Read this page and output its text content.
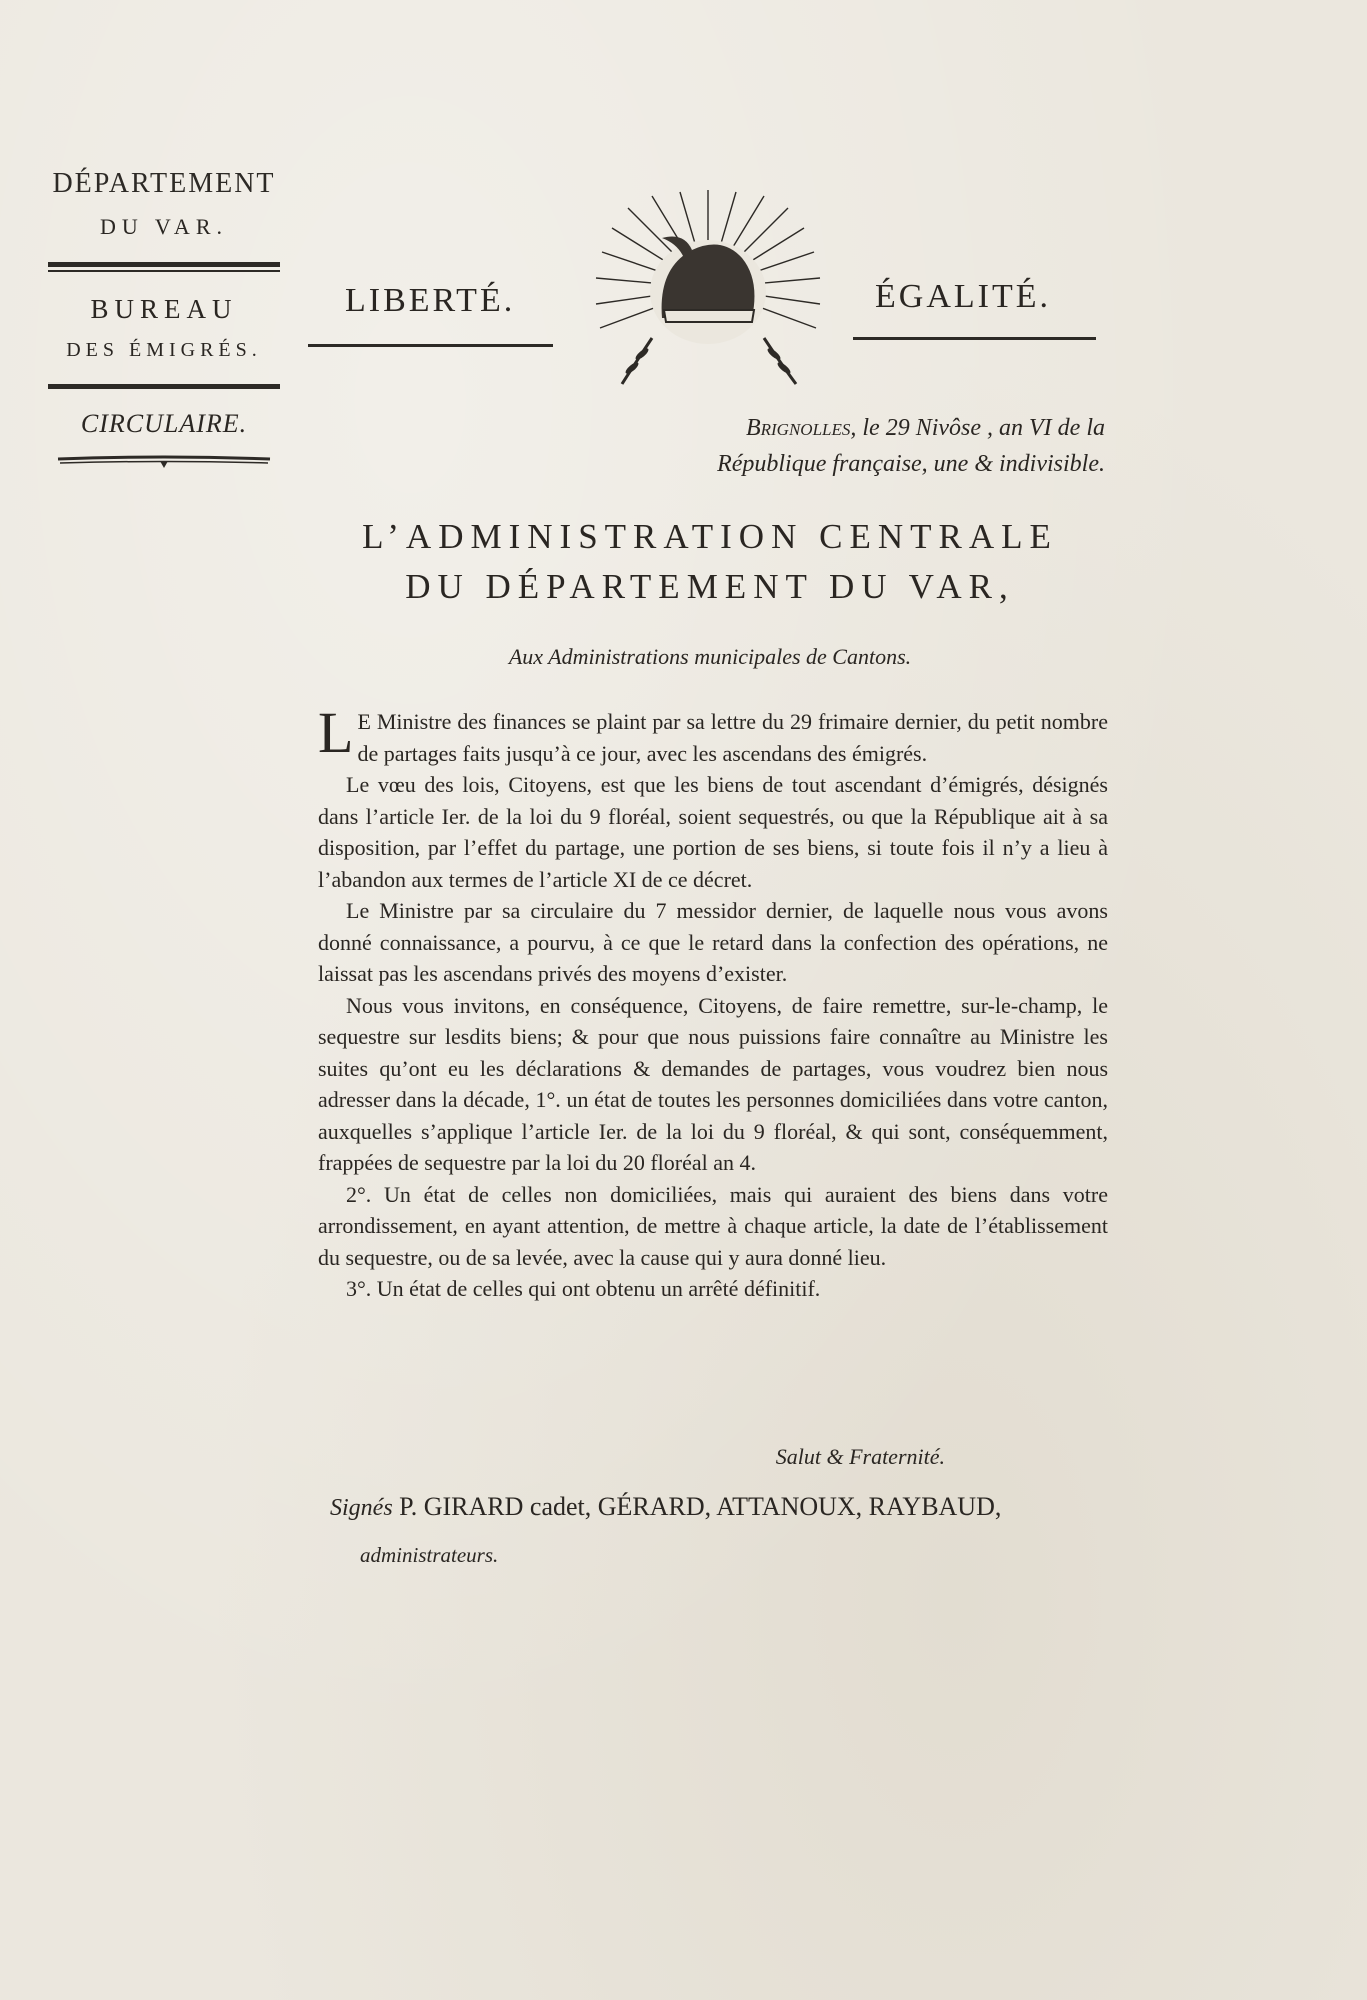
DÉPARTEMENT
DU VAR.
BUREAU
DES ÉMIGRÉS.
CIRCULAIRE.
LIBERTÉ.	ÉGALITÉ.
Brignolles, le 29 Nivôse , an VI de la
République française, une & indivisible.
L’ADMINISTRATION CENTRALE
DU DÉPARTEMENT DU VAR,
Aux Administrations municipales de Cantons.

L E Ministre des finances se plaint par sa lettre du 29 frimaire dernier, du petit nombre de partages faits jusqu’à ce jour, avec les ascendans des émigrés.

Le vœu des lois, Citoyens, est que les biens de tout ascendant d’émigrés, désignés dans l’article Ier. de la loi du 9 floréal, soient sequestrés, ou que la République ait à sa disposition, par l’effet du partage, une portion de ses biens, si toute fois il n’y a lieu à l’abandon aux termes de l’article XI de ce décret.

Le Ministre par sa circulaire du 7 messidor dernier, de laquelle nous vous avons donné connaissance, a pourvu, à ce que le retard dans la confection des opérations, ne laissat pas les ascendans privés des moyens d’exister.

Nous vous invitons, en conséquence, Citoyens, de faire remettre, sur-le-champ, le sequestre sur lesdits biens; & pour que nous puissions faire connaître au Ministre les suites qu’ont eu les déclarations & demandes de partages, vous voudrez bien nous adresser dans la décade, 1°. un état de toutes les personnes domiciliées dans votre canton, auxquelles s’applique l’article Ier. de la loi du 9 floréal, & qui sont, conséquemment, frappées de sequestre par la loi du 20 floréal an 4.

2°. Un état de celles non domiciliées, mais qui auraient des biens dans votre arrondissement, en ayant attention, de mettre à chaque article, la date de l’établissement du sequestre, ou de sa levée, avec la cause qui y aura donné lieu.

3°. Un état de celles qui ont obtenu un arrêté définitif.

Salut & Fraternité.
Signés P. GIRARD cadet, GÉRARD, ATTANOUX, RAYBAUD,
administrateurs.
